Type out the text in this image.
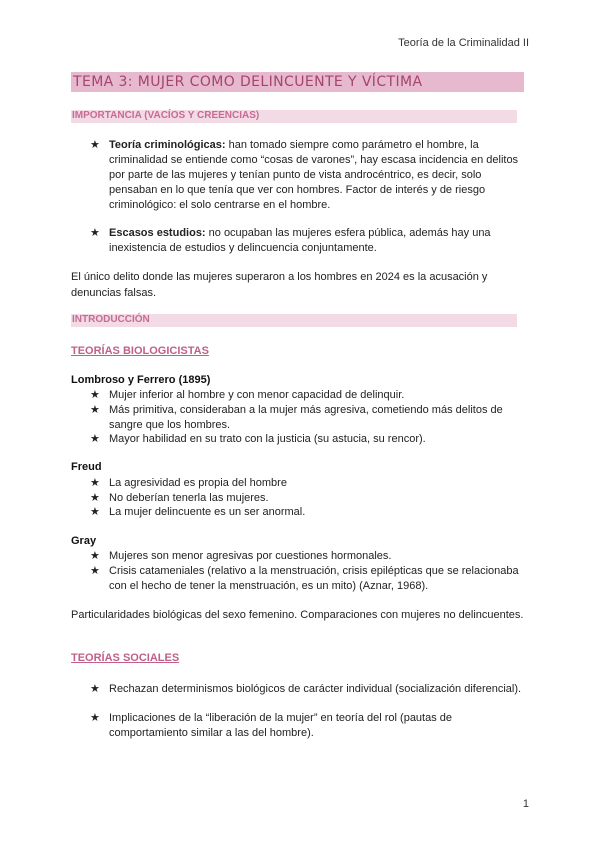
Teoría de la Criminalidad II
TEMA 3: MUJER COMO DELINCUENTE Y VÍCTIMA
IMPORTANCIA (VACÍOS Y CREENCIAS)
★ Teoría criminológicas: han tomado siempre como parámetro el hombre, la criminalidad se entiende como “cosas de varones”, hay escasa incidencia en delitos por parte de las mujeres y tenían punto de vista androcéntrico, es decir, solo pensaban en lo que tenía que ver con hombres. Factor de interés y de riesgo criminológico: el solo centrarse en el hombre.
★ Escasos estudios: no ocupaban las mujeres esfera pública, además hay una inexistencia de estudios y delincuencia conjuntamente.
El único delito donde las mujeres superaron a los hombres en 2024 es la acusación y denuncias falsas.
INTRODUCCIÓN
TEORÍAS BIOLOGICISTAS
Lombroso y Ferrero (1895)
★ Mujer inferior al hombre y con menor capacidad de delinquir.
★ Más primitiva, consideraban a la mujer más agresiva, cometiendo más delitos de sangre que los hombres.
★ Mayor habilidad en su trato con la justicia (su astucia, su rencor).
Freud
★ La agresividad es propia del hombre
★ No deberían tenerla las mujeres.
★ La mujer delincuente es un ser anormal.
Gray
★ Mujeres son menor agresivas por cuestiones hormonales.
★ Crisis catameniales (relativo a la menstruación, crisis epilépticas que se relacionaba con el hecho de tener la menstruación, es un mito) (Aznar, 1968).
Particularidades biológicas del sexo femenino. Comparaciones con mujeres no delincuentes.
TEORÍAS SOCIALES
★ Rechazan determinismos biológicos de carácter individual (socialización diferencial).
★ Implicaciones de la “liberación de la mujer” en teoría del rol (pautas de comportamiento similar a las del hombre).
1
